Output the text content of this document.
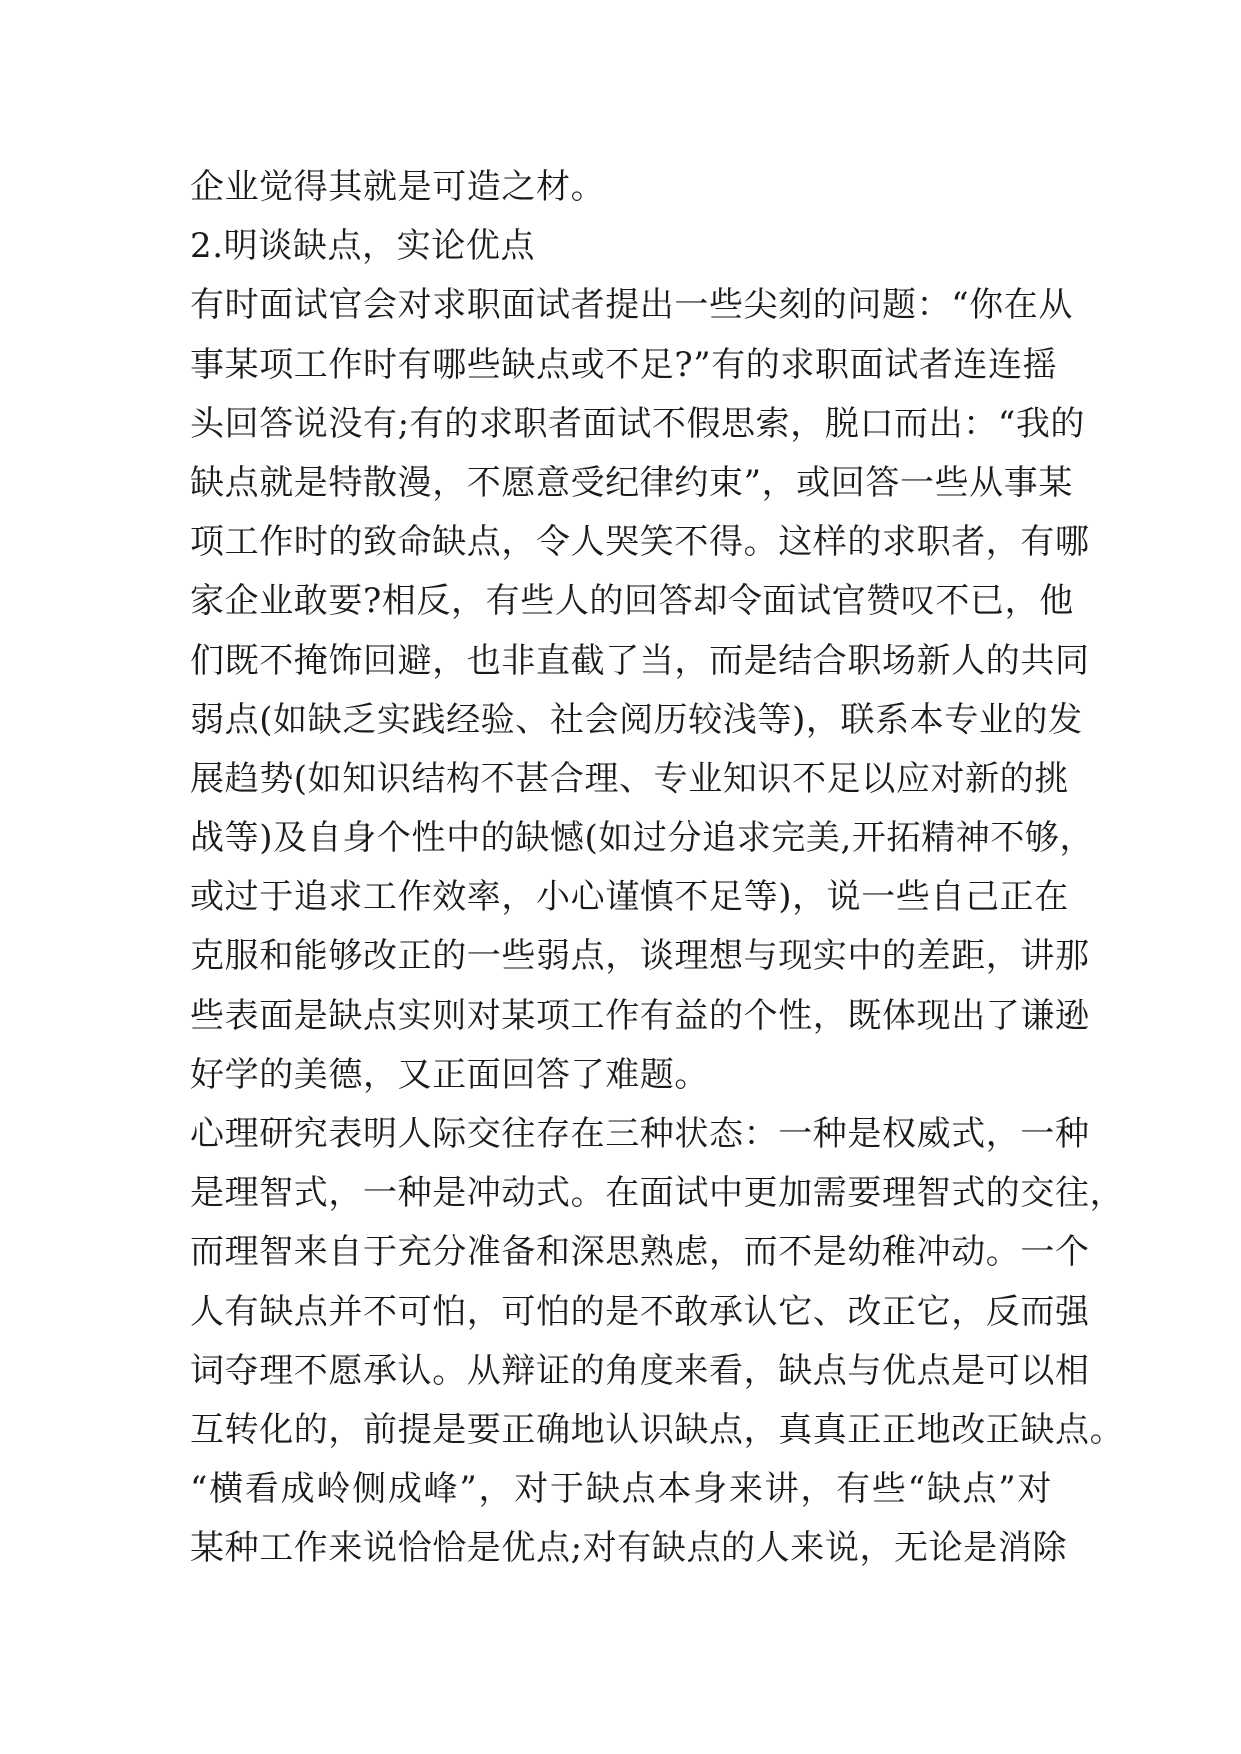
企业觉得其就是可造之材。
2.明谈缺点，实论优点
有时面试官会对求职面试者提出一些尖刻的问题：“你在从
事某项工作时有哪些缺点或不足?”有的求职面试者连连摇
头回答说没有;有的求职者面试不假思索，脱口而出：“我的
缺点就是特散漫，不愿意受纪律约束”，或回答一些从事某
项工作时的致命缺点，令人哭笑不得。这样的求职者，有哪
家企业敢要?相反，有些人的回答却令面试官赞叹不已，他
们既不掩饰回避，也非直截了当，而是结合职场新人的共同
弱点(如缺乏实践经验、社会阅历较浅等)，联系本专业的发
展趋势(如知识结构不甚合理、专业知识不足以应对新的挑
战等)及自身个性中的缺憾(如过分追求完美,开拓精神不够，
或过于追求工作效率，小心谨慎不足等)，说一些自己正在
克服和能够改正的一些弱点，谈理想与现实中的差距，讲那
些表面是缺点实则对某项工作有益的个性，既体现出了谦逊
好学的美德，又正面回答了难题。
心理研究表明人际交往存在三种状态：一种是权威式，一种
是理智式，一种是冲动式。在面试中更加需要理智式的交往，
而理智来自于充分准备和深思熟虑，而不是幼稚冲动。一个
人有缺点并不可怕，可怕的是不敢承认它、改正它，反而强
词夺理不愿承认。从辩证的角度来看，缺点与优点是可以相
互转化的，前提是要正确地认识缺点，真真正正地改正缺点。
“横看成岭侧成峰”，对于缺点本身来讲，有些“缺点”对
某种工作来说恰恰是优点;对有缺点的人来说，无论是消除
